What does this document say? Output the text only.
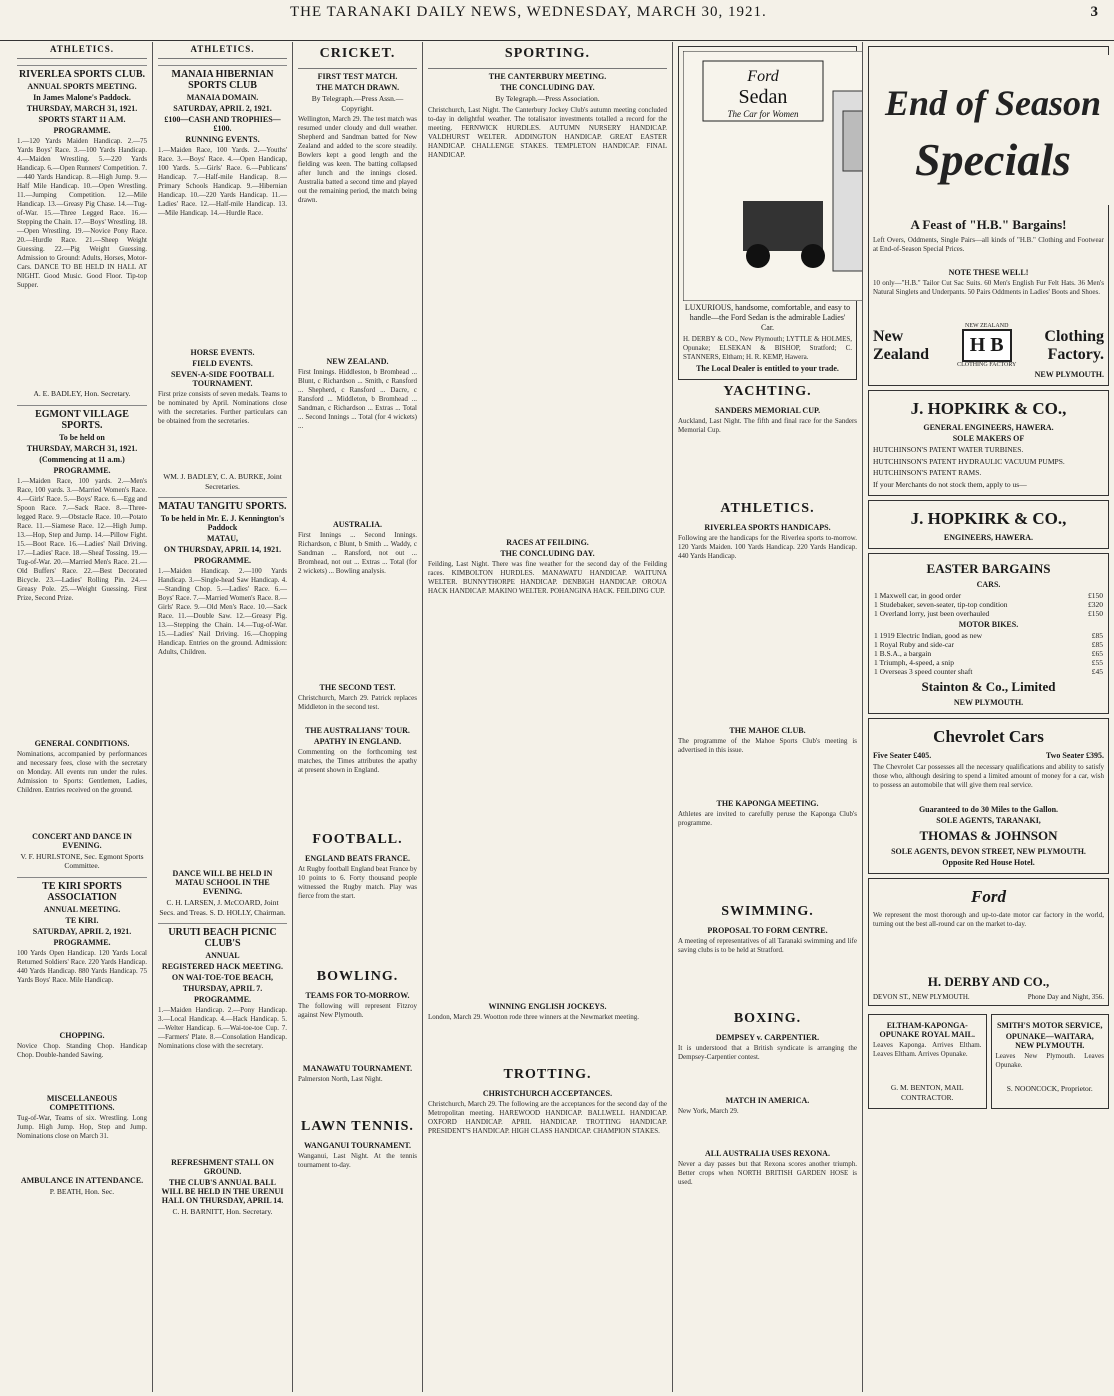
THE TARANAKI DAILY NEWS, WEDNESDAY, MARCH 30, 1921.	3
ATHLETICS.
RIVERLEA SPORTS CLUB.
ANNUAL SPORTS MEETING.
In James Malone's Paddock.
THURSDAY, MARCH 31, 1921.
SPORTS START 11 A.M.
PROGRAMME.
1.—120 Yards Maiden Handicap. 2.—75 Yards Boys' Race. 3.—100 Yards Handicap. 4.—Maiden Wrestling. 5.—220 Yards Handicap. 6.—Open Runners' Competition. 7.—440 Yards Handicap. 8.—High Jump. 9.—Half Mile Handicap. 10.—Open Wrestling. 11.—Jumping Competition. 12.—Mile Handicap. 13.—Greasy Pig Chase. 14.—Tug-of-War. 15.—Three Legged Race. 16.—Stepping the Chain. 17.—Boys' Wrestling. 18.—Open Wrestling. 19.—Novice Pony Race. 20.—Hurdle Race. 21.—Sheep Weight Guessing. 22.—Pig Weight Guessing. Admission to Ground: Adults, Horses, Motor-Cars. DANCE TO BE HELD IN HALL AT NIGHT. Good Music. Good Floor. Tip-top Supper.
A. E. BADLEY, Hon. Secretary.
EGMONT VILLAGE SPORTS.
To be held on
THURSDAY, MARCH 31, 1921.
(Commencing at 11 a.m.)
PROGRAMME.
1.—Maiden Race, 100 yards. 2.—Men's Race, 100 yards. 3.—Married Women's Race. 4.—Girls' Race. 5.—Boys' Race. 6.—Egg and Spoon Race. 7.—Sack Race. 8.—Three-legged Race. 9.—Obstacle Race. 10.—Potato Race. 11.—Siamese Race. 12.—High Jump. 13.—Hop, Step and Jump. 14.—Pillow Fight. 15.—Boot Race. 16.—Ladies' Nail Driving. 17.—Ladies' Race. 18.—Sheaf Tossing. 19.—Tug-of-War. 20.—Married Men's Race. 21.—Old Buffers' Race. 22.—Best Decorated Bicycle. 23.—Ladies' Rolling Pin. 24.—Greasy Pole. 25.—Weight Guessing. First Prize, Second Prize.
GENERAL CONDITIONS.
Nominations, accompanied by performances and necessary fees, close with the secretary on Monday. All events run under the rules. Admission to Sports: Gentlemen, Ladies, Children. Entries received on the ground.
CONCERT AND DANCE IN EVENING.
V. F. HURLSTONE, Sec. Egmont Sports Committee.
TE KIRI SPORTS ASSOCIATION
ANNUAL MEETING.
TE KIRI.
SATURDAY, APRIL 2, 1921.
PROGRAMME.
100 Yards Open Handicap. 120 Yards Local Returned Soldiers' Race. 220 Yards Handicap. 440 Yards Handicap. 880 Yards Handicap. 75 Yards Boys' Race. Mile Handicap.
CHOPPING.
Novice Chop. Standing Chop. Handicap Chop. Double-handed Sawing.
MISCELLANEOUS COMPETITIONS.
Tug-of-War, Teams of six. Wrestling. Long Jump. High Jump. Hop, Step and Jump. Nominations close on March 31.
AMBULANCE IN ATTENDANCE.
P. BEATH, Hon. Sec.
ATHLETICS.
MANAIA HIBERNIAN SPORTS CLUB
MANAIA DOMAIN.
SATURDAY, APRIL 2, 1921.
£100—CASH AND TROPHIES—£100.
RUNNING EVENTS.
1.—Maiden Race, 100 Yards. 2.—Youths' Race. 3.—Boys' Race. 4.—Open Handicap, 100 Yards. 5.—Girls' Race. 6.—Publicans' Handicap. 7.—Half-mile Handicap. 8.—Primary Schools Handicap. 9.—Hibernian Handicap. 10.—220 Yards Handicap. 11.—Ladies' Race. 12.—Half-mile Handicap. 13.—Mile Handicap. 14.—Hurdle Race.
HORSE EVENTS.
FIELD EVENTS.
SEVEN-A-SIDE FOOTBALL TOURNAMENT.
First prize consists of seven medals. Teams to be nominated by April. Nominations close with the secretaries. Further particulars can be obtained from the secretaries.
WM. J. BADLEY, C. A. BURKE, Joint Secretaries.
MATAU TANGITU SPORTS.
To be held in Mr. E. J. Kennington's Paddock
MATAU,
ON THURSDAY, APRIL 14, 1921.
PROGRAMME.
1.—Maiden Handicap. 2.—100 Yards Handicap. 3.—Single-head Saw Handicap. 4.—Standing Chop. 5.—Ladies' Race. 6.—Boys' Race. 7.—Married Women's Race. 8.—Girls' Race. 9.—Old Men's Race. 10.—Sack Race. 11.—Double Saw. 12.—Greasy Pig. 13.—Stepping the Chain. 14.—Tug-of-War. 15.—Ladies' Nail Driving. 16.—Chopping Handicap. Entries on the ground. Admission: Adults, Children.
DANCE WILL BE HELD IN MATAU SCHOOL IN THE EVENING.
C. H. LARSEN, J. McCOARD, Joint Secs. and Treas. S. D. HOLLY, Chairman.
URUTI BEACH PICNIC CLUB'S
ANNUAL
REGISTERED HACK MEETING.
ON WAI-TOE-TOE BEACH,
THURSDAY, APRIL 7.
PROGRAMME.
1.—Maiden Handicap. 2.—Pony Handicap. 3.—Local Handicap. 4.—Hack Handicap. 5.—Welter Handicap. 6.—Wai-toe-toe Cup. 7.—Farmers' Plate. 8.—Consolation Handicap. Nominations close with the secretary.
REFRESHMENT STALL ON GROUND.
THE CLUB'S ANNUAL BALL WILL BE HELD IN THE URENUI HALL ON THURSDAY, APRIL 14.
C. H. BARNITT, Hon. Secretary.
CRICKET.
FIRST TEST MATCH.
THE MATCH DRAWN.
By Telegraph.—Press Assn.—Copyright.
Wellington, March 29. The test match was resumed under cloudy and dull weather. Shepherd and Sandman batted for New Zealand and added to the score steadily. Bowlers kept a good length and the fielding was keen. The batting collapsed after lunch and the innings closed. Australia batted a second time and played out the remaining period, the match being drawn.
NEW ZEALAND.
First Innings. Hiddleston, b Bromhead ... Blunt, c Richardson ... Smith, c Ransford ... Shepherd, c Ransford ... Dacre, c Ransford ... Middleton, b Bromhead ... Sandman, c Richardson ... Extras ... Total ... Second Innings ... Total (for 4 wickets) ...
AUSTRALIA.
First Innings ... Second Innings. Richardson, c Blunt, b Smith ... Waddy, c Sandman ... Ransford, not out ... Bromhead, not out ... Extras ... Total (for 2 wickets) ... Bowling analysis.
THE SECOND TEST.
Christchurch, March 29. Patrick replaces Middleton in the second test.
THE AUSTRALIANS' TOUR.
APATHY IN ENGLAND.
Commenting on the forthcoming test matches, the Times attributes the apathy at present shown in England.
FOOTBALL.
ENGLAND BEATS FRANCE.
At Rugby football England beat France by 10 points to 6. Forty thousand people witnessed the Rugby match. Play was fierce from the start.
BOWLING.
TEAMS FOR TO-MORROW.
The following will represent Fitzroy against New Plymouth.
MANAWATU TOURNAMENT.
Palmerston North, Last Night.
LAWN TENNIS.
WANGANUI TOURNAMENT.
Wanganui, Last Night. At the tennis tournament to-day.
SPORTING.
THE CANTERBURY MEETING.
THE CONCLUDING DAY.
By Telegraph.—Press Association.
Christchurch, Last Night. The Canterbury Jockey Club's autumn meeting concluded to-day in delightful weather. The totalisator investments totalled a record for the meeting. FERNWICK HURDLES. AUTUMN NURSERY HANDICAP. VALDHURST WELTER. ADDINGTON HANDICAP. GREAT EASTER HANDICAP. CHALLENGE STAKES. TEMPLETON HANDICAP. FINAL HANDICAP.
RACES AT FEILDING.
THE CONCLUDING DAY.
Feilding, Last Night. There was fine weather for the second day of the Feilding races. KIMBOLTON HURDLES. MANAWATU HANDICAP. WAITUNA WELTER. BUNNYTHORPE HANDICAP. DENBIGH HANDICAP. OROUA HACK HANDICAP. MAKINO WELTER. POHANGINA HACK. FEILDING CUP.
WINNING ENGLISH JOCKEYS.
London, March 29. Wootton rode three winners at the Newmarket meeting.
TROTTING.
CHRISTCHURCH ACCEPTANCES.
Christchurch, March 29. The following are the acceptances for the second day of the Metropolitan meeting. HAREWOOD HANDICAP. BALLWELL HANDICAP. OXFORD HANDICAP. APRIL HANDICAP. TROTTING HANDICAP. PRESIDENT'S HANDICAP. HIGH CLASS HANDICAP. CHAMPION STAKES.
Ford
Sedan
The Car for Women
LUXURIOUS, handsome, comfortable, and easy to handle—the Ford Sedan is the admirable Ladies' Car.
H. DERBY & CO., New Plymouth; LYTTLE & HOLMES, Opunake; ELSEKAN & BISHOP, Stratford; C. STANNERS, Eltham; H. R. KEMP, Hawera.
The Local Dealer is entitled to your trade.
YACHTING.
SANDERS MEMORIAL CUP.
Auckland, Last Night. The fifth and final race for the Sanders Memorial Cup.
ATHLETICS.
RIVERLEA SPORTS HANDICAPS.
Following are the handicaps for the Riverlea sports to-morrow. 120 Yards Maiden. 100 Yards Handicap. 220 Yards Handicap. 440 Yards Handicap.
THE MAHOE CLUB.
The programme of the Mahoe Sports Club's meeting is advertised in this issue.
THE KAPONGA MEETING.
Athletes are invited to carefully peruse the Kaponga Club's programme.
SWIMMING.
PROPOSAL TO FORM CENTRE.
A meeting of representatives of all Taranaki swimming and life saving clubs is to be held at Stratford.
BOXING.
DEMPSEY v. CARPENTIER.
It is understood that a British syndicate is arranging the Dempsey-Carpentier contest.
MATCH IN AMERICA.
New York, March 29.
ALL AUSTRALIA USES REXONA.
Never a day passes but that Rexona scores another triumph. Better crops when NORTH BRITISH GARDEN HOSE is used.
End of Season
Specials
A Feast of "H.B." Bargains!
Left Overs, Oddments, Single Pairs—all kinds of "H.B." Clothing and Footwear at End-of-Season Special Prices.
NOTE THESE WELL!
10 only—"H.B." Tailor Cut Sac Suits. 60 Men's English Fur Felt Hats. 36 Men's Natural Singlets and Underpants. 50 Pairs Oddments in Ladies' Boots and Shoes.
New
Zealand
NEW ZEALAND
H B
CLOTHING FACTORY
Clothing
Factory.
NEW PLYMOUTH.
J. HOPKIRK & CO.,
GENERAL ENGINEERS, HAWERA.
SOLE MAKERS OF
HUTCHINSON'S PATENT WATER TURBINES.
HUTCHINSON'S PATENT HYDRAULIC VACUUM PUMPS.
HUTCHINSON'S PATENT RAMS.
If your Merchants do not stock them, apply to us—
J. HOPKIRK & CO.,
ENGINEERS, HAWERA.
EASTER BARGAINS
CARS.
1 Maxwell car, in good order	£150
1 Studebaker, seven-seater, tip-top condition	£320
1 Overland lorry, just been overhauled	£150
MOTOR BIKES.
1 1919 Electric Indian, good as new	£85
1 Royal Ruby and side-car	£85
1 B.S.A., a bargain	£65
1 Triumph, 4-speed, a snip	£55
1 Overseas 3 speed counter shaft	£45
Stainton & Co., Limited
NEW PLYMOUTH.
Chevrolet Cars
Five Seater £405.	Two Seater £395.
The Chevrolet Car possesses all the necessary qualifications and ability to satisfy those who, although desiring to spend a limited amount of money for a car, wish to possess an automobile that will give them real service.
Guaranteed to do 30 Miles to the Gallon.
SOLE AGENTS, TARANAKI,
THOMAS & JOHNSON
SOLE AGENTS, DEVON STREET, NEW PLYMOUTH.
Opposite Red House Hotel.
Ford
We represent the most thorough and up-to-date motor car factory in the world, turning out the best all-round car on the market to-day.
H. DERBY AND CO.,
DEVON ST., NEW PLYMOUTH.	Phone Day and Night, 356.
ELTHAM-KAPONGA-OPUNAKE ROYAL MAIL.
Leaves Kaponga. Arrives Eltham. Leaves Eltham. Arrives Opunake.
G. M. BENTON, MAIL CONTRACTOR.
SMITH'S MOTOR SERVICE,
OPUNAKE—WAITARA, NEW PLYMOUTH.
Leaves New Plymouth. Leaves Opunake.
S. NOONCOCK, Proprietor.
